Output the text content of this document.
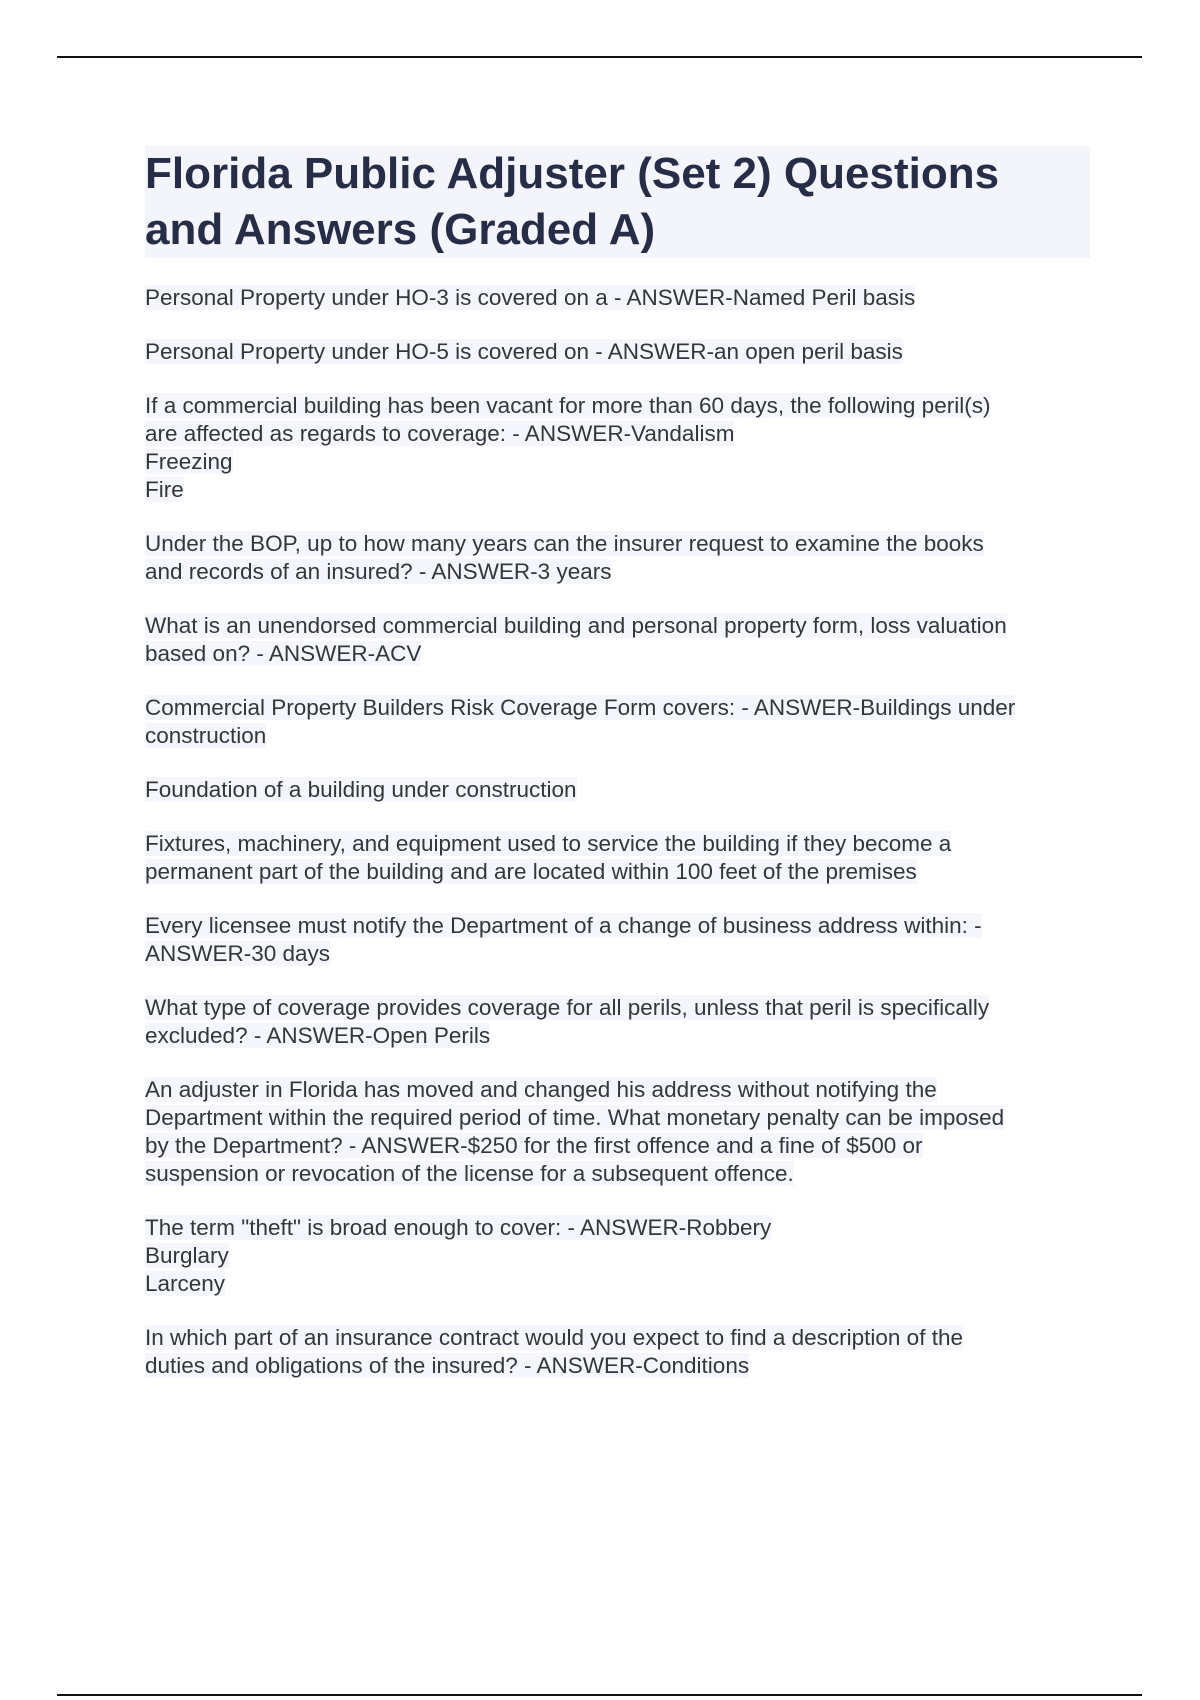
Florida Public Adjuster (Set 2) Questions
and Answers (Graded A)

Personal Property under HO-3 is covered on a - ANSWER-Named Peril basis

Personal Property under HO-5 is covered on - ANSWER-an open peril basis

If a commercial building has been vacant for more than 60 days, the following peril(s)
are affected as regards to coverage: - ANSWER-Vandalism
Freezing
Fire

Under the BOP, up to how many years can the insurer request to examine the books
and records of an insured? - ANSWER-3 years

What is an unendorsed commercial building and personal property form, loss valuation
based on? - ANSWER-ACV

Commercial Property Builders Risk Coverage Form covers: - ANSWER-Buildings under
construction

Foundation of a building under construction

Fixtures, machinery, and equipment used to service the building if they become a
permanent part of the building and are located within 100 feet of the premises

Every licensee must notify the Department of a change of business address within: -
ANSWER-30 days

What type of coverage provides coverage for all perils, unless that peril is specifically
excluded? - ANSWER-Open Perils

An adjuster in Florida has moved and changed his address without notifying the
Department within the required period of time. What monetary penalty can be imposed
by the Department? - ANSWER-$250 for the first offence and a fine of $500 or
suspension or revocation of the license for a subsequent offence.

The term "theft" is broad enough to cover: - ANSWER-Robbery
Burglary
Larceny

In which part of an insurance contract would you expect to find a description of the
duties and obligations of the insured? - ANSWER-Conditions
